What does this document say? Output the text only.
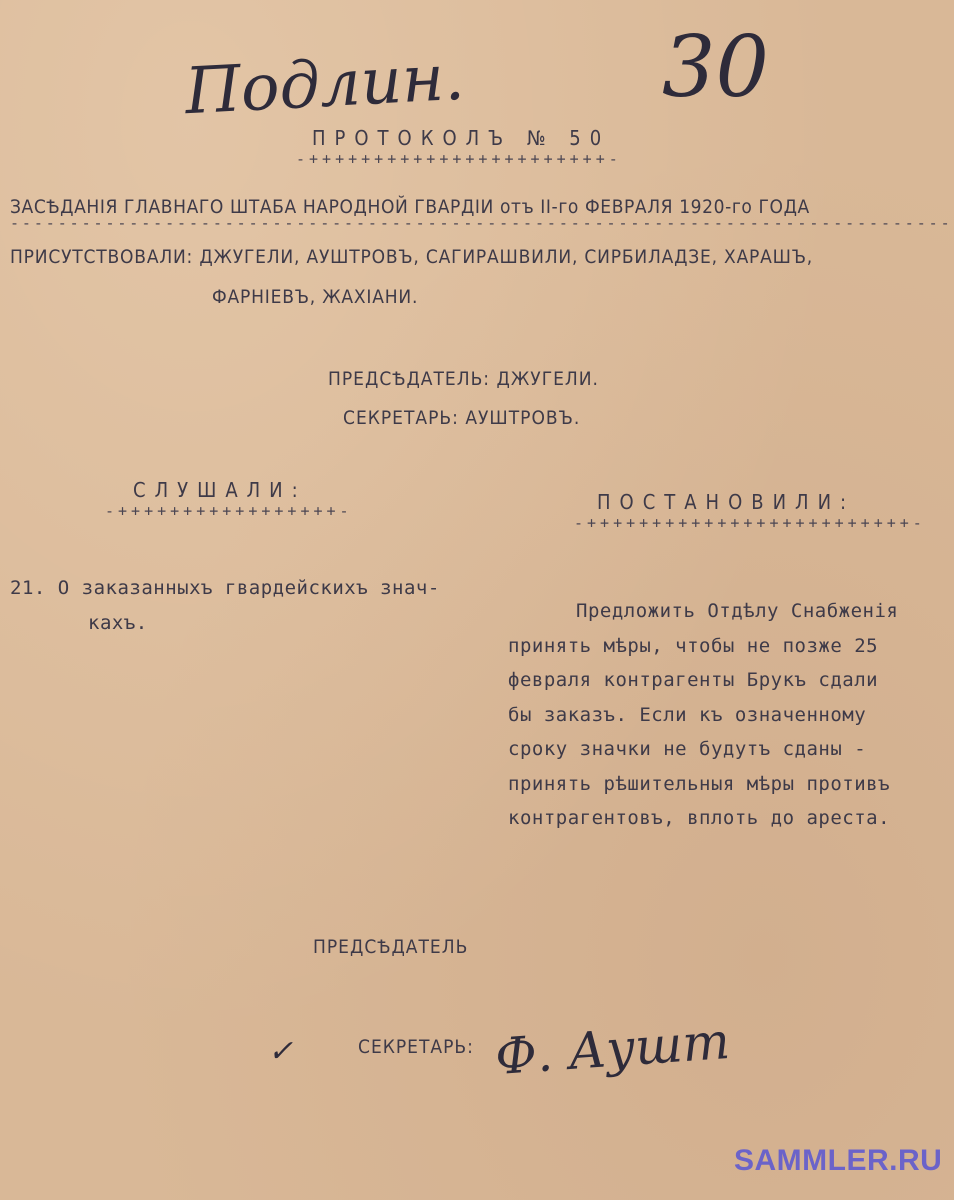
Подлин. 30
ПРОТОКОЛЪ № 50
-+++++++++++++++++++++++-
ЗАСѢДАНІЯ ГЛАВНАГО ШТАБА НАРОДНОЙ ГВАРДІИ отъ II-го ФЕВРАЛЯ 1920-го ГОДА
-------------------------------------------------------------------------------
ПРИСУТСТВОВАЛИ: ДЖУГЕЛИ, АУШТРОВЪ, САГИРАШВИЛИ, СИРБИЛАДЗЕ, ХАРАШЪ,
ФАРНІЕВЪ, ЖАХІАНИ.
ПРЕДСѢДАТЕЛЬ: ДЖУГЕЛИ.
СЕКРЕТАРЬ: АУШТРОВЪ.
СЛУШАЛИ:
-+++++++++++++++++-	ПОСТАНОВИЛИ:
-+++++++++++++++++++++++++-
21. О заказанныхъ гвардейскихъ знач-
кахъ.
Предложить Отдѣлу Снабженія
принять мѣры, чтобы не позже 25
февраля контрагенты Брукъ сдали
бы заказъ. Если къ означенному
сроку значки не будутъ сданы -
принять рѣшительныя мѣры противъ
контрагентовъ, вплоть до ареста.
ПРЕДСѢДАТЕЛЬ
СЕКРЕТАРЬ:
✓	Ф. Аушт
SAMMLER.RU
